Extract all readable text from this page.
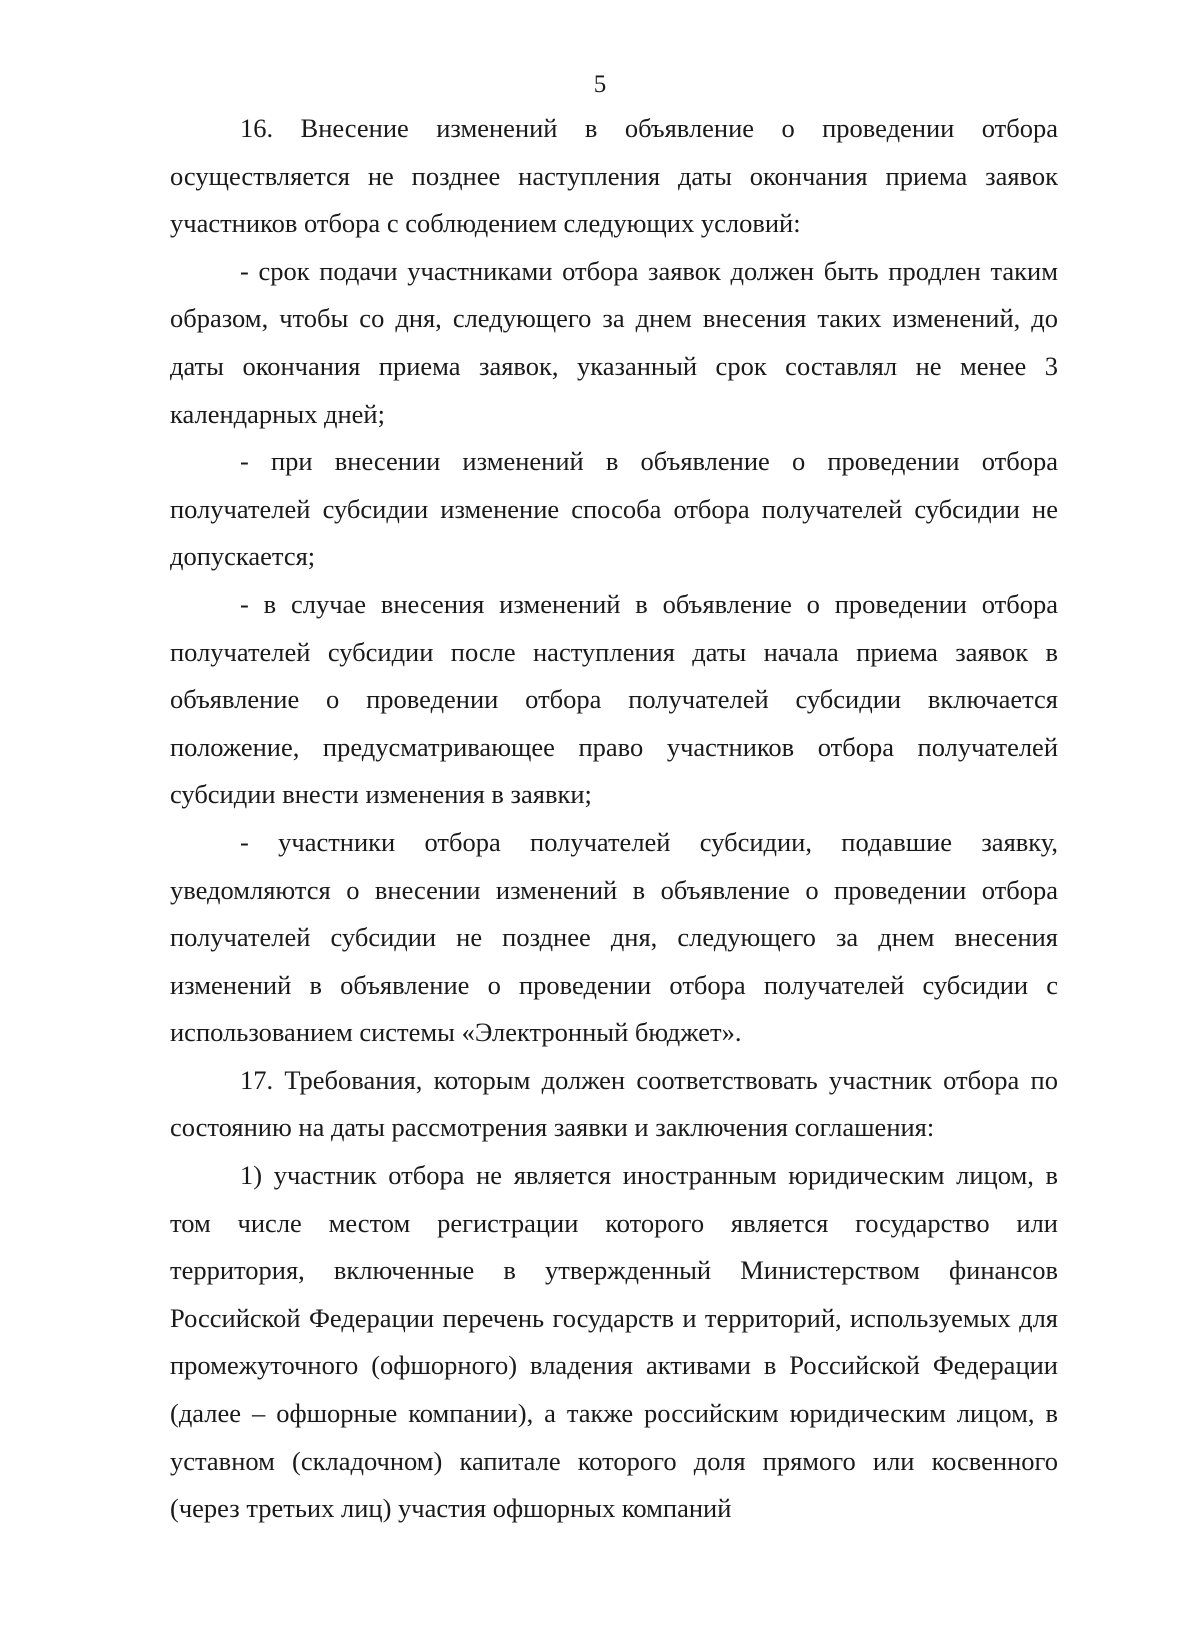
5

16. Внесение изменений в объявление о проведении отбора осуществляется не позднее наступления даты окончания приема заявок участников отбора с соблюдением следующих условий:

- срок подачи участниками отбора заявок должен быть продлен таким образом, чтобы со дня, следующего за днем внесения таких изменений, до даты окончания приема заявок, указанный срок составлял не менее 3 календарных дней;

- при внесении изменений в объявление о проведении отбора получателей субсидии изменение способа отбора получателей субсидии не допускается;

- в случае внесения изменений в объявление о проведении отбора получателей субсидии после наступления даты начала приема заявок в объявление о проведении отбора получателей субсидии включается положение, предусматривающее право участников отбора получателей субсидии внести изменения в заявки;

- участники отбора получателей субсидии, подавшие заявку, уведомляются о внесении изменений в объявление о проведении отбора получателей субсидии не позднее дня, следующего за днем внесения изменений в объявление о проведении отбора получателей субсидии с использованием системы «Электронный бюджет».

17. Требования, которым должен соответствовать участник отбора по состоянию на даты рассмотрения заявки и заключения соглашения:

1) участник отбора не является иностранным юридическим лицом, в том числе местом регистрации которого является государство или территория, включенные в утвержденный Министерством финансов Российской Федерации перечень государств и территорий, используемых для промежуточного (офшорного) владения активами в Российской Федерации (далее – офшорные компании), а также российским юридическим лицом, в уставном (складочном) капитале которого доля прямого или косвенного (через третьих лиц) участия офшорных компаний
